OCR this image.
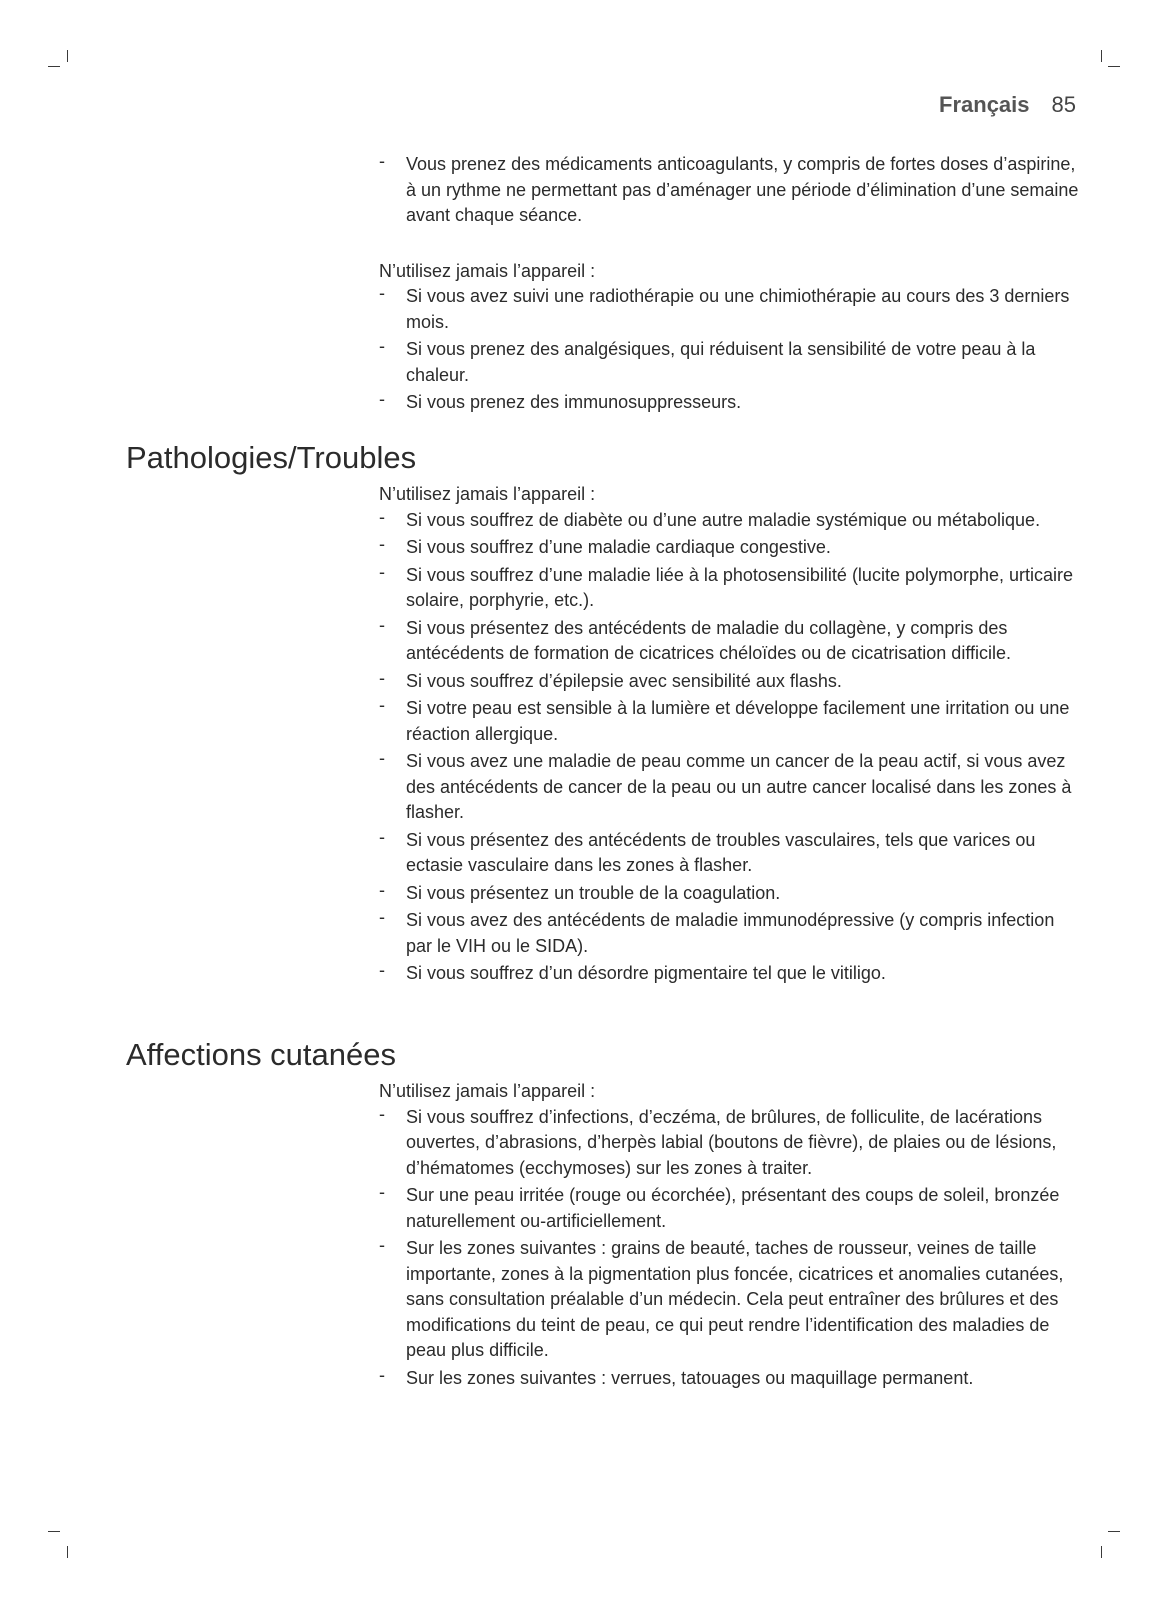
Français 85
- Vous prenez des médicaments anticoagulants, y compris de fortes doses d’aspirine, à un rythme ne permettant pas d’aménager une période d’élimination d’une semaine avant chaque séance.

N’utilisez jamais l’appareil :

- Si vous avez suivi une radiothérapie ou une chimiothérapie au cours des 3 derniers mois.
- Si vous prenez des analgésiques, qui réduisent la sensibilité de votre peau à la chaleur.
- Si vous prenez des immunosuppresseurs.
Pathologies/Troubles

N’utilisez jamais l’appareil :

- Si vous souffrez de diabète ou d’une autre maladie systémique ou métabolique.
- Si vous souffrez d’une maladie cardiaque congestive.
- Si vous souffrez d’une maladie liée à la photosensibilité (lucite polymorphe, urticaire solaire, porphyrie, etc.).
- Si vous présentez des antécédents de maladie du collagène, y compris des antécédents de formation de cicatrices chéloïdes ou de cicatrisation difficile.
- Si vous souffrez d’épilepsie avec sensibilité aux flashs.
- Si votre peau est sensible à la lumière et développe facilement une irritation ou une réaction allergique.
- Si vous avez une maladie de peau comme un cancer de la peau actif, si vous avez des antécédents de cancer de la peau ou un autre cancer localisé dans les zones à flasher.
- Si vous présentez des antécédents de troubles vasculaires, tels que varices ou ectasie vasculaire dans les zones à flasher.
- Si vous présentez un trouble de la coagulation.
- Si vous avez des antécédents de maladie immunodépressive (y compris infection par le VIH ou le SIDA).
- Si vous souffrez d’un désordre pigmentaire tel que le vitiligo.
Affections cutanées

N’utilisez jamais l’appareil :

- Si vous souffrez d’infections, d’eczéma, de brûlures, de folliculite, de lacérations ouvertes, d’abrasions, d’herpès labial (boutons de fièvre), de plaies ou de lésions, d’hématomes (ecchymoses) sur les zones à traiter.
- Sur une peau irritée (rouge ou écorchée), présentant des coups de soleil, bronzée naturellement ou-artificiellement.
- Sur les zones suivantes : grains de beauté, taches de rousseur, veines de taille importante, zones à la pigmentation plus foncée, cicatrices et anomalies cutanées, sans consultation préalable d’un médecin. Cela peut entraîner des brûlures et des modifications du teint de peau, ce qui peut rendre l’identification des maladies de peau plus difficile.
- Sur les zones suivantes : verrues, tatouages ou maquillage permanent.
